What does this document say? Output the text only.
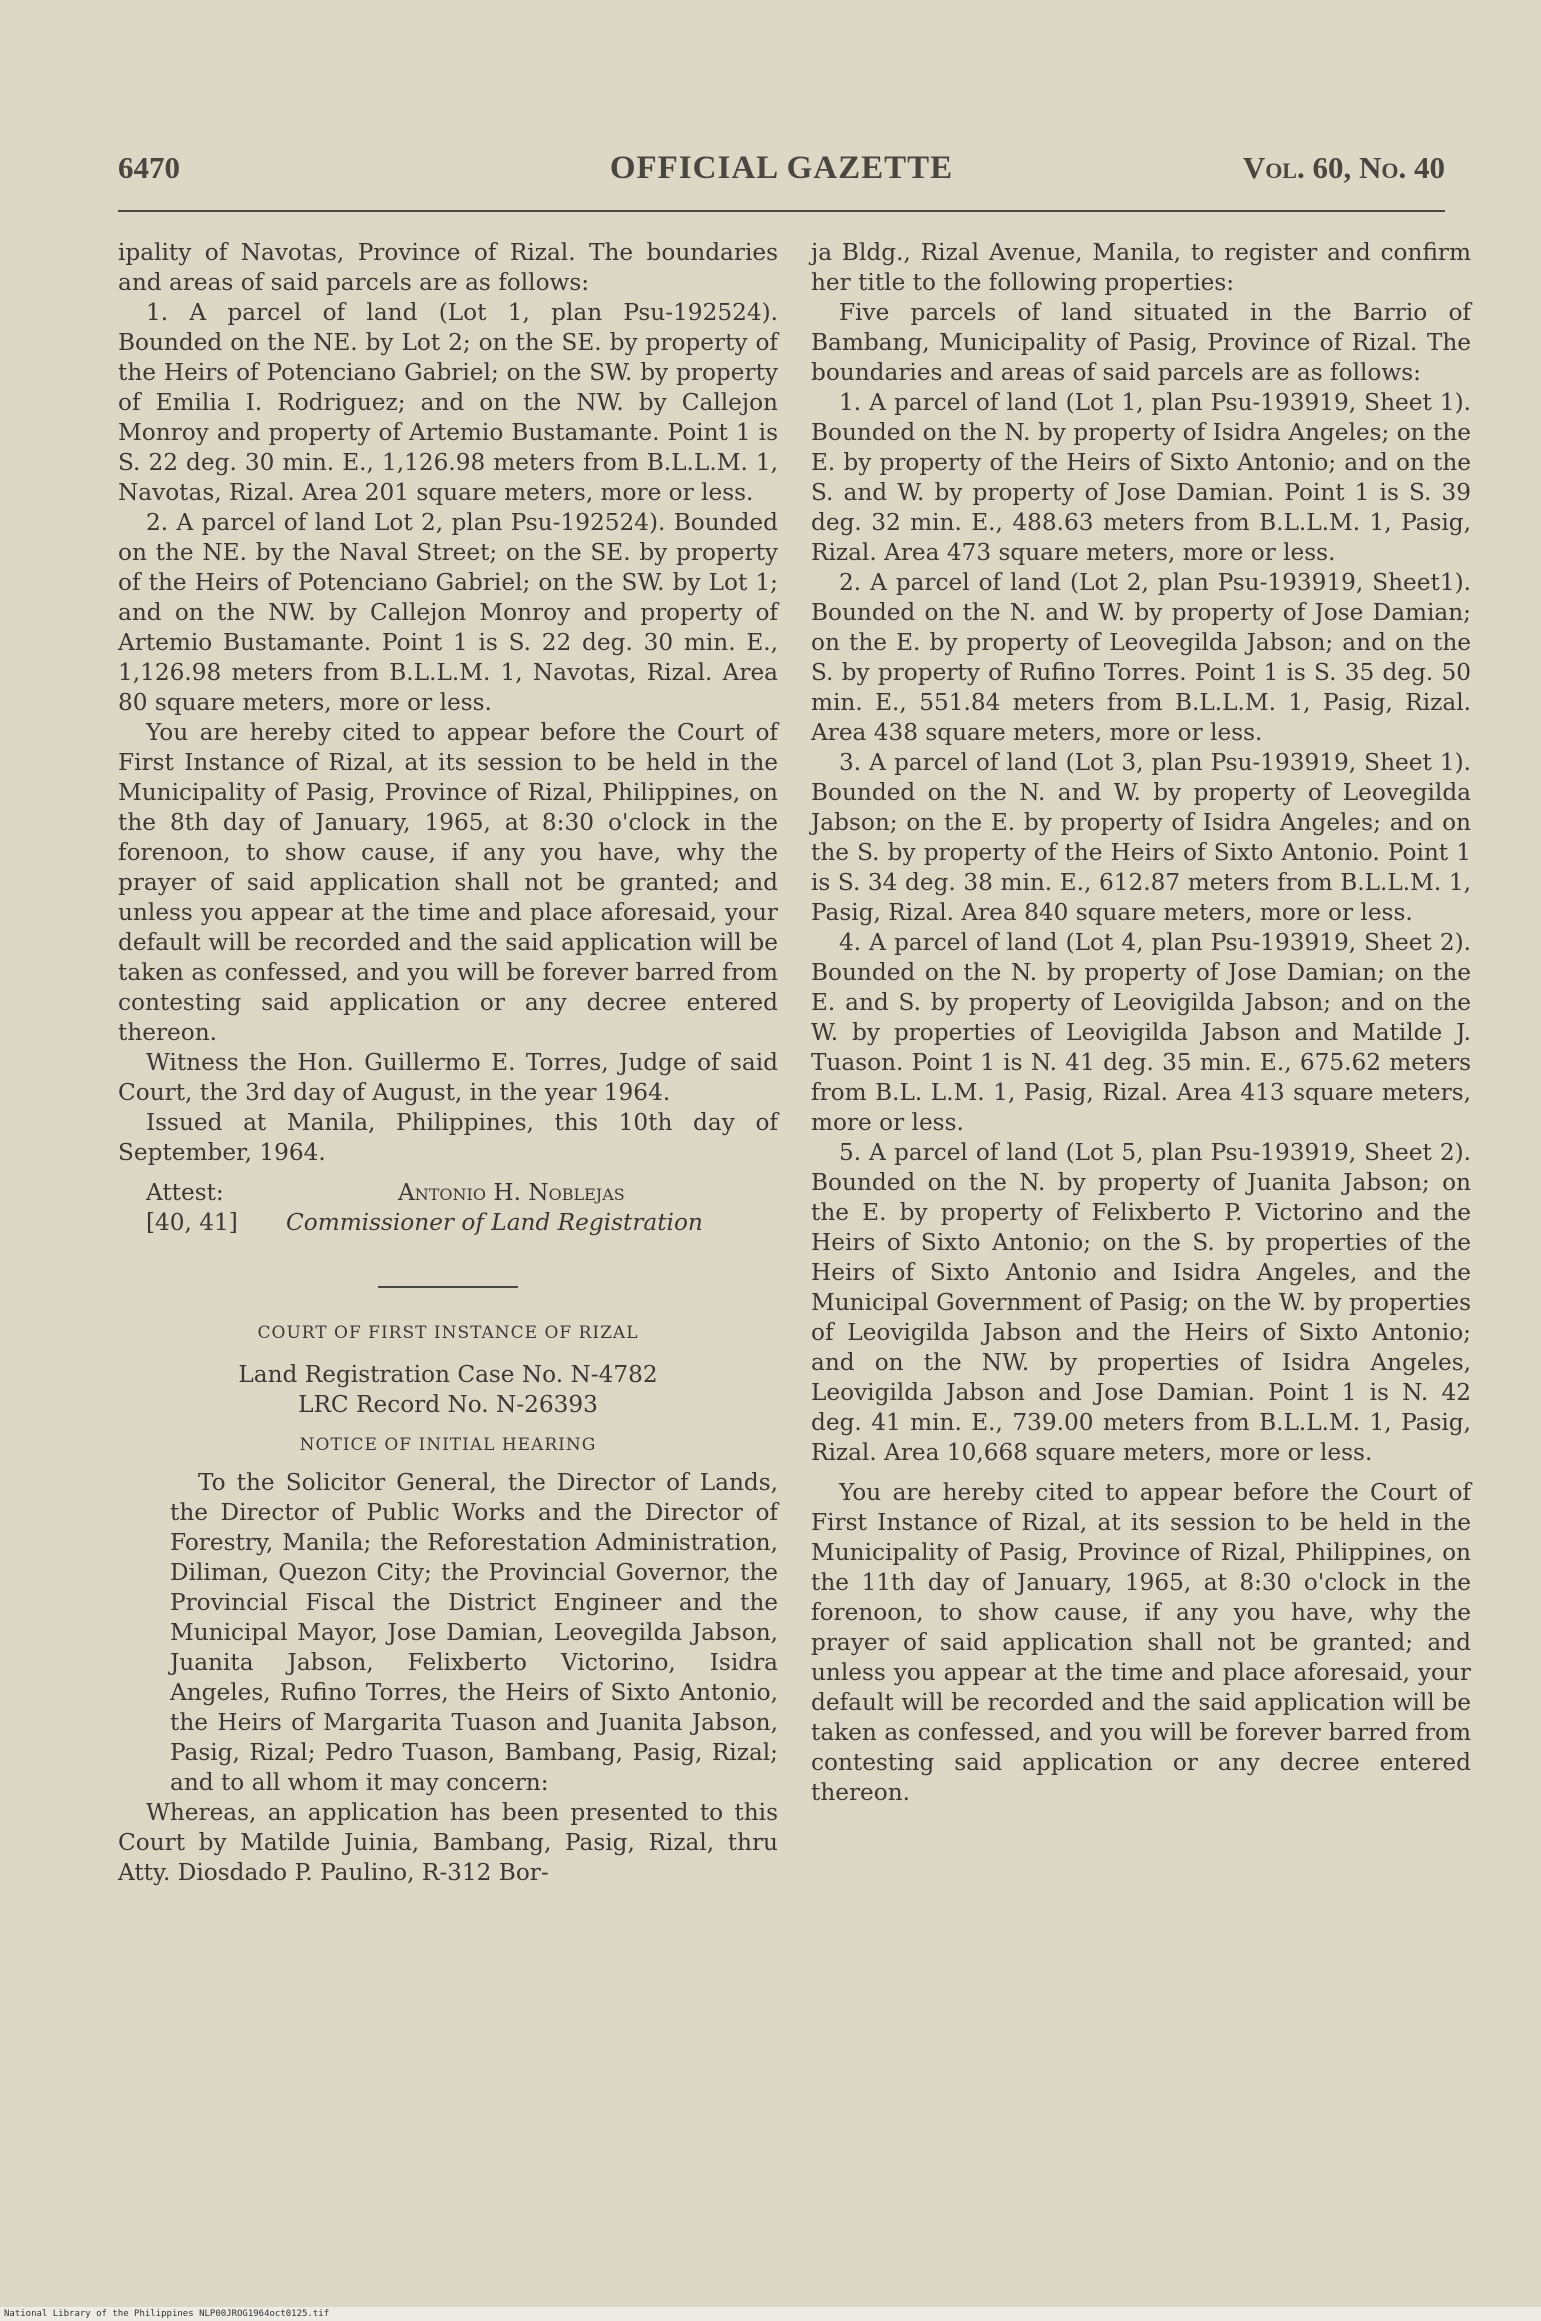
6470	OFFICIAL GAZETTE	Vol. 60, No. 40

ipality of Navotas, Province of Rizal. The boundaries and areas of said parcels are as follows:

1. A parcel of land (Lot 1, plan Psu-192524). Bounded on the NE. by Lot 2; on the SE. by property of the Heirs of Potenciano Gabriel; on the SW. by property of Emilia I. Rodriguez; and on the NW. by Callejon Monroy and property of Artemio Bustamante. Point 1 is S. 22 deg. 30 min. E., 1,126.98 meters from B.L.L.M. 1, Navotas, Rizal. Area 201 square meters, more or less.

2. A parcel of land Lot 2, plan Psu-192524). Bounded on the NE. by the Naval Street; on the SE. by property of the Heirs of Potenciano Gabriel; on the SW. by Lot 1; and on the NW. by Callejon Monroy and property of Artemio Bustamante. Point 1 is S. 22 deg. 30 min. E., 1,126.98 meters from B.L.L.M. 1, Navotas, Rizal. Area 80 square meters, more or less.

You are hereby cited to appear before the Court of First Instance of Rizal, at its session to be held in the Municipality of Pasig, Province of Rizal, Philippines, on the 8th day of January, 1965, at 8:30 o'clock in the forenoon, to show cause, if any you have, why the prayer of said application shall not be granted; and unless you appear at the time and place aforesaid, your default will be recorded and the said application will be taken as confessed, and you will be forever barred from contesting said application or any decree entered thereon.

Witness the Hon. Guillermo E. Torres, Judge of said Court, the 3rd day of August, in the year 1964.

Issued at Manila, Philippines, this 10th day of September, 1964.

Attest:	Antonio H. Noblejas
[40, 41] Commissioner of Land Registration
COURT OF FIRST INSTANCE OF RIZAL
Land Registration Case No. N-4782
LRC Record No. N-26393
NOTICE OF INITIAL HEARING

To the Solicitor General, the Director of Lands, the Director of Public Works and the Director of Forestry, Manila; the Reforestation Administration, Diliman, Quezon City; the Provincial Governor, the Provincial Fiscal the District Engineer and the Municipal Mayor, Jose Damian, Leovegilda Jabson, Juanita Jabson, Felixberto Victorino, Isidra Angeles, Rufino Torres, the Heirs of Sixto Antonio, the Heirs of Margarita Tuason and Juanita Jabson, Pasig, Rizal; Pedro Tuason, Bambang, Pasig, Rizal; and to all whom it may concern:

Whereas, an application has been presented to this Court by Matilde Juinia, Bambang, Pasig, Rizal, thru Atty. Diosdado P. Paulino, R-312 Bor-

ja Bldg., Rizal Avenue, Manila, to register and confirm her title to the following properties:

Five parcels of land situated in the Barrio of Bambang, Municipality of Pasig, Province of Rizal. The boundaries and areas of said parcels are as follows:

1. A parcel of land (Lot 1, plan Psu-193919, Sheet 1). Bounded on the N. by property of Isidra Angeles; on the E. by property of the Heirs of Sixto Antonio; and on the S. and W. by property of Jose Damian. Point 1 is S. 39 deg. 32 min. E., 488.63 meters from B.L.L.M. 1, Pasig, Rizal. Area 473 square meters, more or less.

2. A parcel of land (Lot 2, plan Psu-193919, Sheet1). Bounded on the N. and W. by property of Jose Damian; on the E. by property of Leovegilda Jabson; and on the S. by property of Rufino Torres. Point 1 is S. 35 deg. 50 min. E., 551.84 meters from B.L.L.M. 1, Pasig, Rizal. Area 438 square meters, more or less.

3. A parcel of land (Lot 3, plan Psu-193919, Sheet 1). Bounded on the N. and W. by property of Leovegilda Jabson; on the E. by property of Isidra Angeles; and on the S. by property of the Heirs of Sixto Antonio. Point 1 is S. 34 deg. 38 min. E., 612.87 meters from B.L.L.M. 1, Pasig, Rizal. Area 840 square meters, more or less.

4. A parcel of land (Lot 4, plan Psu-193919, Sheet 2). Bounded on the N. by property of Jose Damian; on the E. and S. by property of Leovigilda Jabson; and on the W. by properties of Leovigilda Jabson and Matilde J. Tuason. Point 1 is N. 41 deg. 35 min. E., 675.62 meters from B.L. L.M. 1, Pasig, Rizal. Area 413 square meters, more or less.

5. A parcel of land (Lot 5, plan Psu-193919, Sheet 2). Bounded on the N. by property of Juanita Jabson; on the E. by property of Felixberto P. Victorino and the Heirs of Sixto Antonio; on the S. by properties of the Heirs of Sixto Antonio and Isidra Angeles, and the Municipal Government of Pasig; on the W. by properties of Leovigilda Jabson and the Heirs of Sixto Antonio; and on the NW. by properties of Isidra Angeles, Leovigilda Jabson and Jose Damian. Point 1 is N. 42 deg. 41 min. E., 739.00 meters from B.L.L.M. 1, Pasig, Rizal. Area 10,668 square meters, more or less.

You are hereby cited to appear before the Court of First Instance of Rizal, at its session to be held in the Municipality of Pasig, Province of Rizal, Philippines, on the 11th day of January, 1965, at 8:30 o'clock in the forenoon, to show cause, if any you have, why the prayer of said application shall not be granted; and unless you appear at the time and place aforesaid, your default will be recorded and the said application will be taken as confessed, and you will be forever barred from contesting said application or any decree entered thereon.

National Library of the Philippines NLP00JROG1964oct0125.tif
